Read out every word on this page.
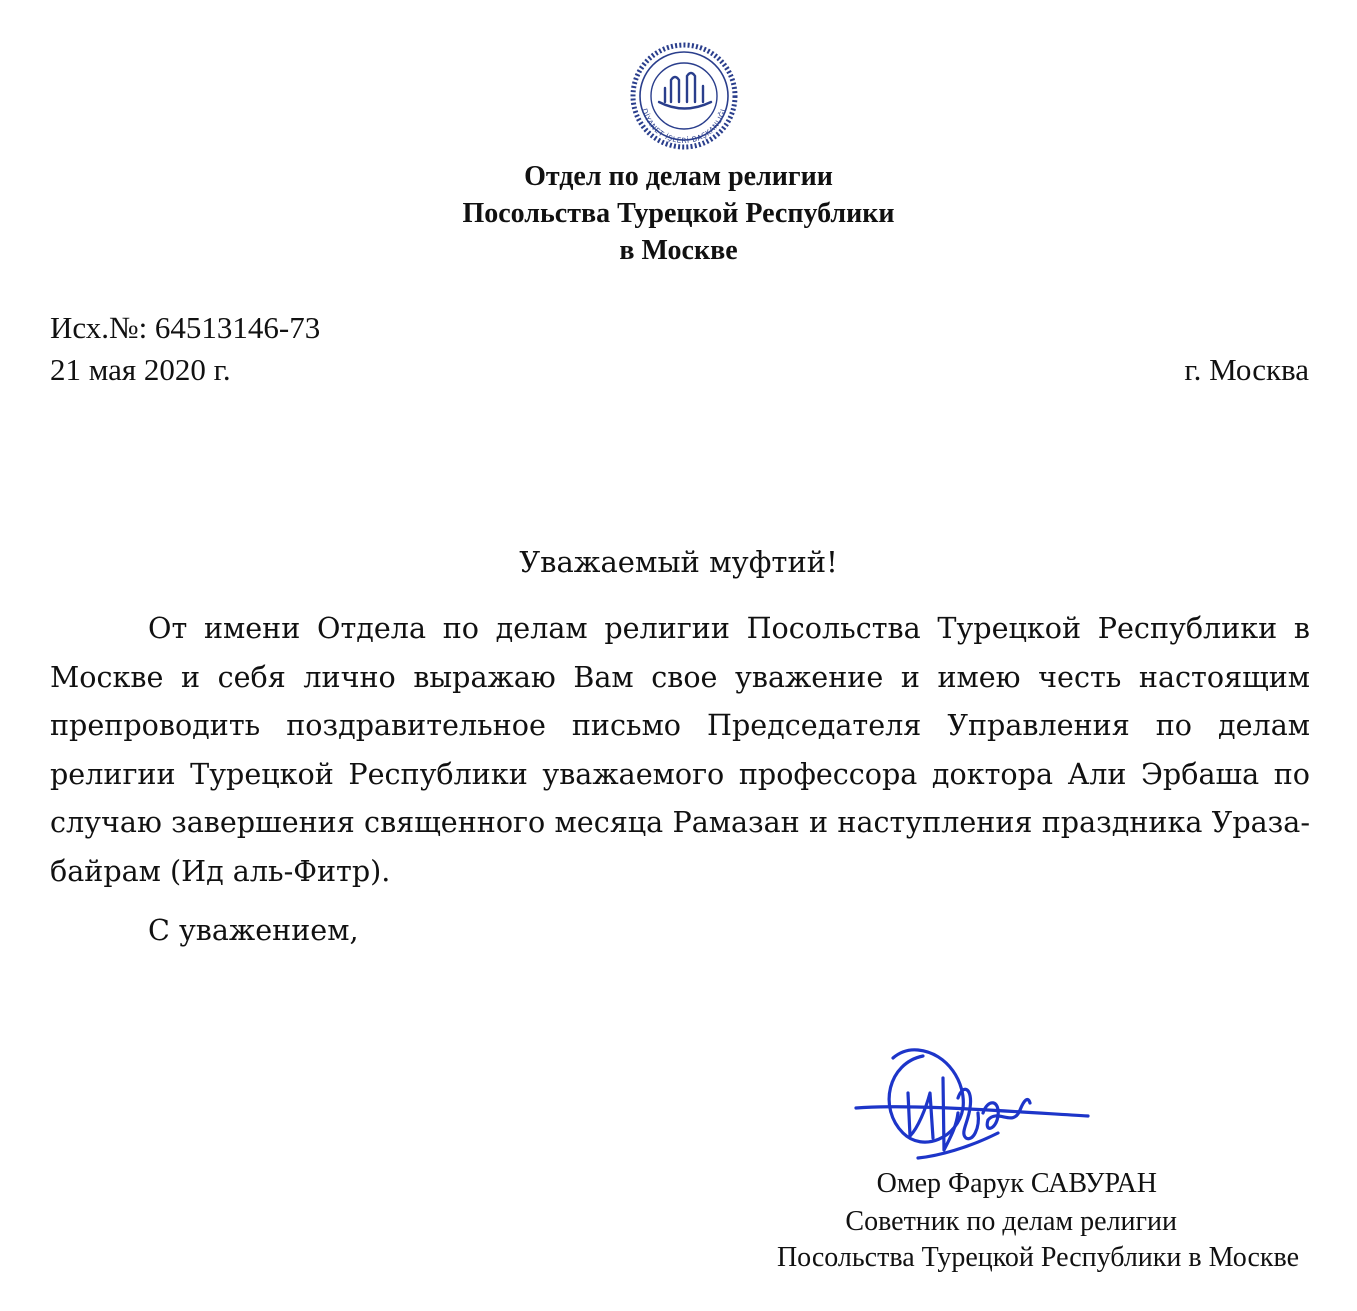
DİYANET İŞLERİ BAŞKANLIĞI
Отдел по делам религии
Посольства Турецкой Республики
в Москве
Исх.№: 64513146-73
21 мая 2020 г.	г. Москва
Уважаемый муфтий!
От имени Отдела по делам религии Посольства Турецкой Республики в Москве и себя лично выражаю Вам свое уважение и имею честь настоящим препроводить поздравительное письмо Председателя Управления по делам религии Турецкой Республики уважаемого профессора доктора Али Эрбаша по случаю завершения священного месяца Рамазан и наступления праздника Ураза-байрам (Ид аль-Фитр).
С уважением,
Омер Фарук САВУРАН
Советник по делам религии
Посольства Турецкой Республики в Москве
